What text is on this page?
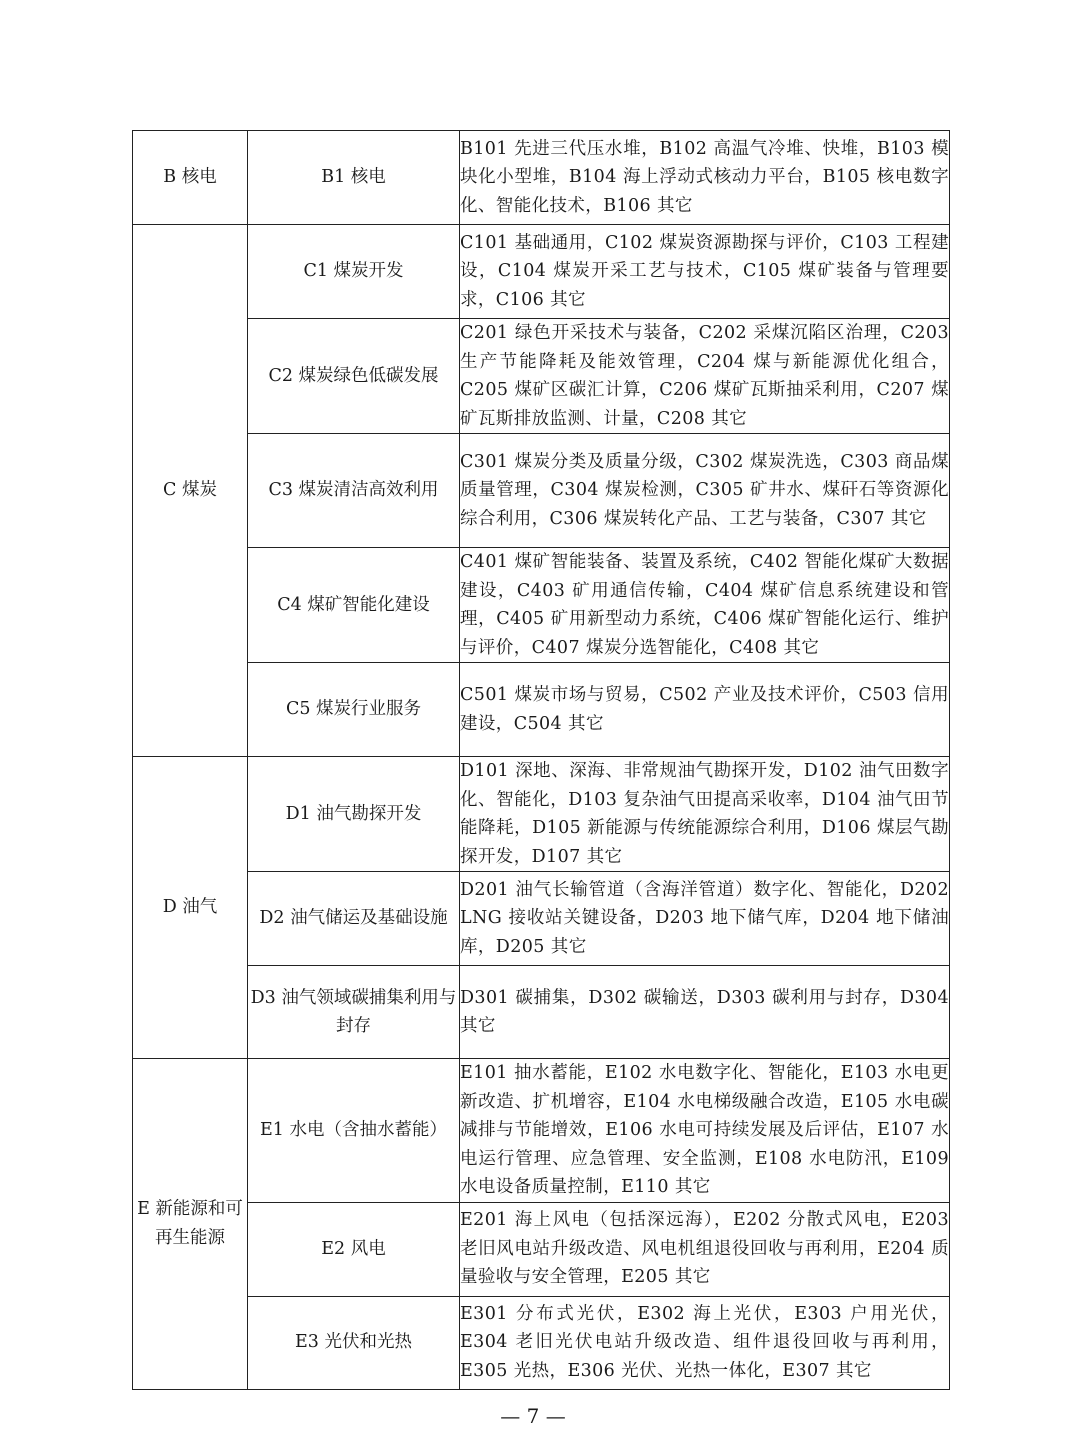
B 核电	B1 核电	B101 先进三代压水堆，B102 高温气冷堆、快堆，B103 模块化小型堆，B104 海上浮动式核动力平台，B105 核电数字化、智能化技术，B106 其它
C 煤炭	C1 煤炭开发	C101 基础通用，C102 煤炭资源勘探与评价，C103 工程建设，C104 煤炭开采工艺与技术，C105 煤矿装备与管理要求，C106 其它
	C2 煤炭绿色低碳发展	C201 绿色开采技术与装备，C202 采煤沉陷区治理，C203 生产节能降耗及能效管理，C204 煤与新能源优化组合，C205 煤矿区碳汇计算，C206 煤矿瓦斯抽采利用，C207 煤矿瓦斯排放监测、计量，C208 其它
	C3 煤炭清洁高效利用	C301 煤炭分类及质量分级，C302 煤炭洗选，C303 商品煤质量管理，C304 煤炭检测，C305 矿井水、煤矸石等资源化综合利用，C306 煤炭转化产品、工艺与装备，C307 其它
	C4 煤矿智能化建设	C401 煤矿智能装备、装置及系统，C402 智能化煤矿大数据建设，C403 矿用通信传输，C404 煤矿信息系统建设和管理，C405 矿用新型动力系统，C406 煤矿智能化运行、维护与评价，C407 煤炭分选智能化，C408 其它
	C5 煤炭行业服务	C501 煤炭市场与贸易，C502 产业及技术评价，C503 信用建设，C504 其它
D 油气	D1 油气勘探开发	D101 深地、深海、非常规油气勘探开发，D102 油气田数字化、智能化，D103 复杂油气田提高采收率，D104 油气田节能降耗，D105 新能源与传统能源综合利用，D106 煤层气勘探开发，D107 其它
	D2 油气储运及基础设施	D201 油气长输管道（含海洋管道）数字化、智能化，D202 LNG 接收站关键设备，D203 地下储气库，D204 地下储油库，D205 其它
	D3 油气领域碳捕集利用与封存	D301 碳捕集，D302 碳输送，D303 碳利用与封存，D304 其它
E 新能源和可再生能源	E1 水电（含抽水蓄能）	E101 抽水蓄能，E102 水电数字化、智能化，E103 水电更新改造、扩机增容，E104 水电梯级融合改造，E105 水电碳减排与节能增效，E106 水电可持续发展及后评估，E107 水电运行管理、应急管理、安全监测，E108 水电防汛，E109 水电设备质量控制，E110 其它
	E2 风电	E201 海上风电（包括深远海），E202 分散式风电，E203 老旧风电站升级改造、风电机组退役回收与再利用，E204 质量验收与安全管理，E205 其它
	E3 光伏和光热	E301 分布式光伏，E302 海上光伏，E303 户用光伏，E304 老旧光伏电站升级改造、组件退役回收与再利用，E305 光热，E306 光伏、光热一体化，E307 其它
— 7 —
